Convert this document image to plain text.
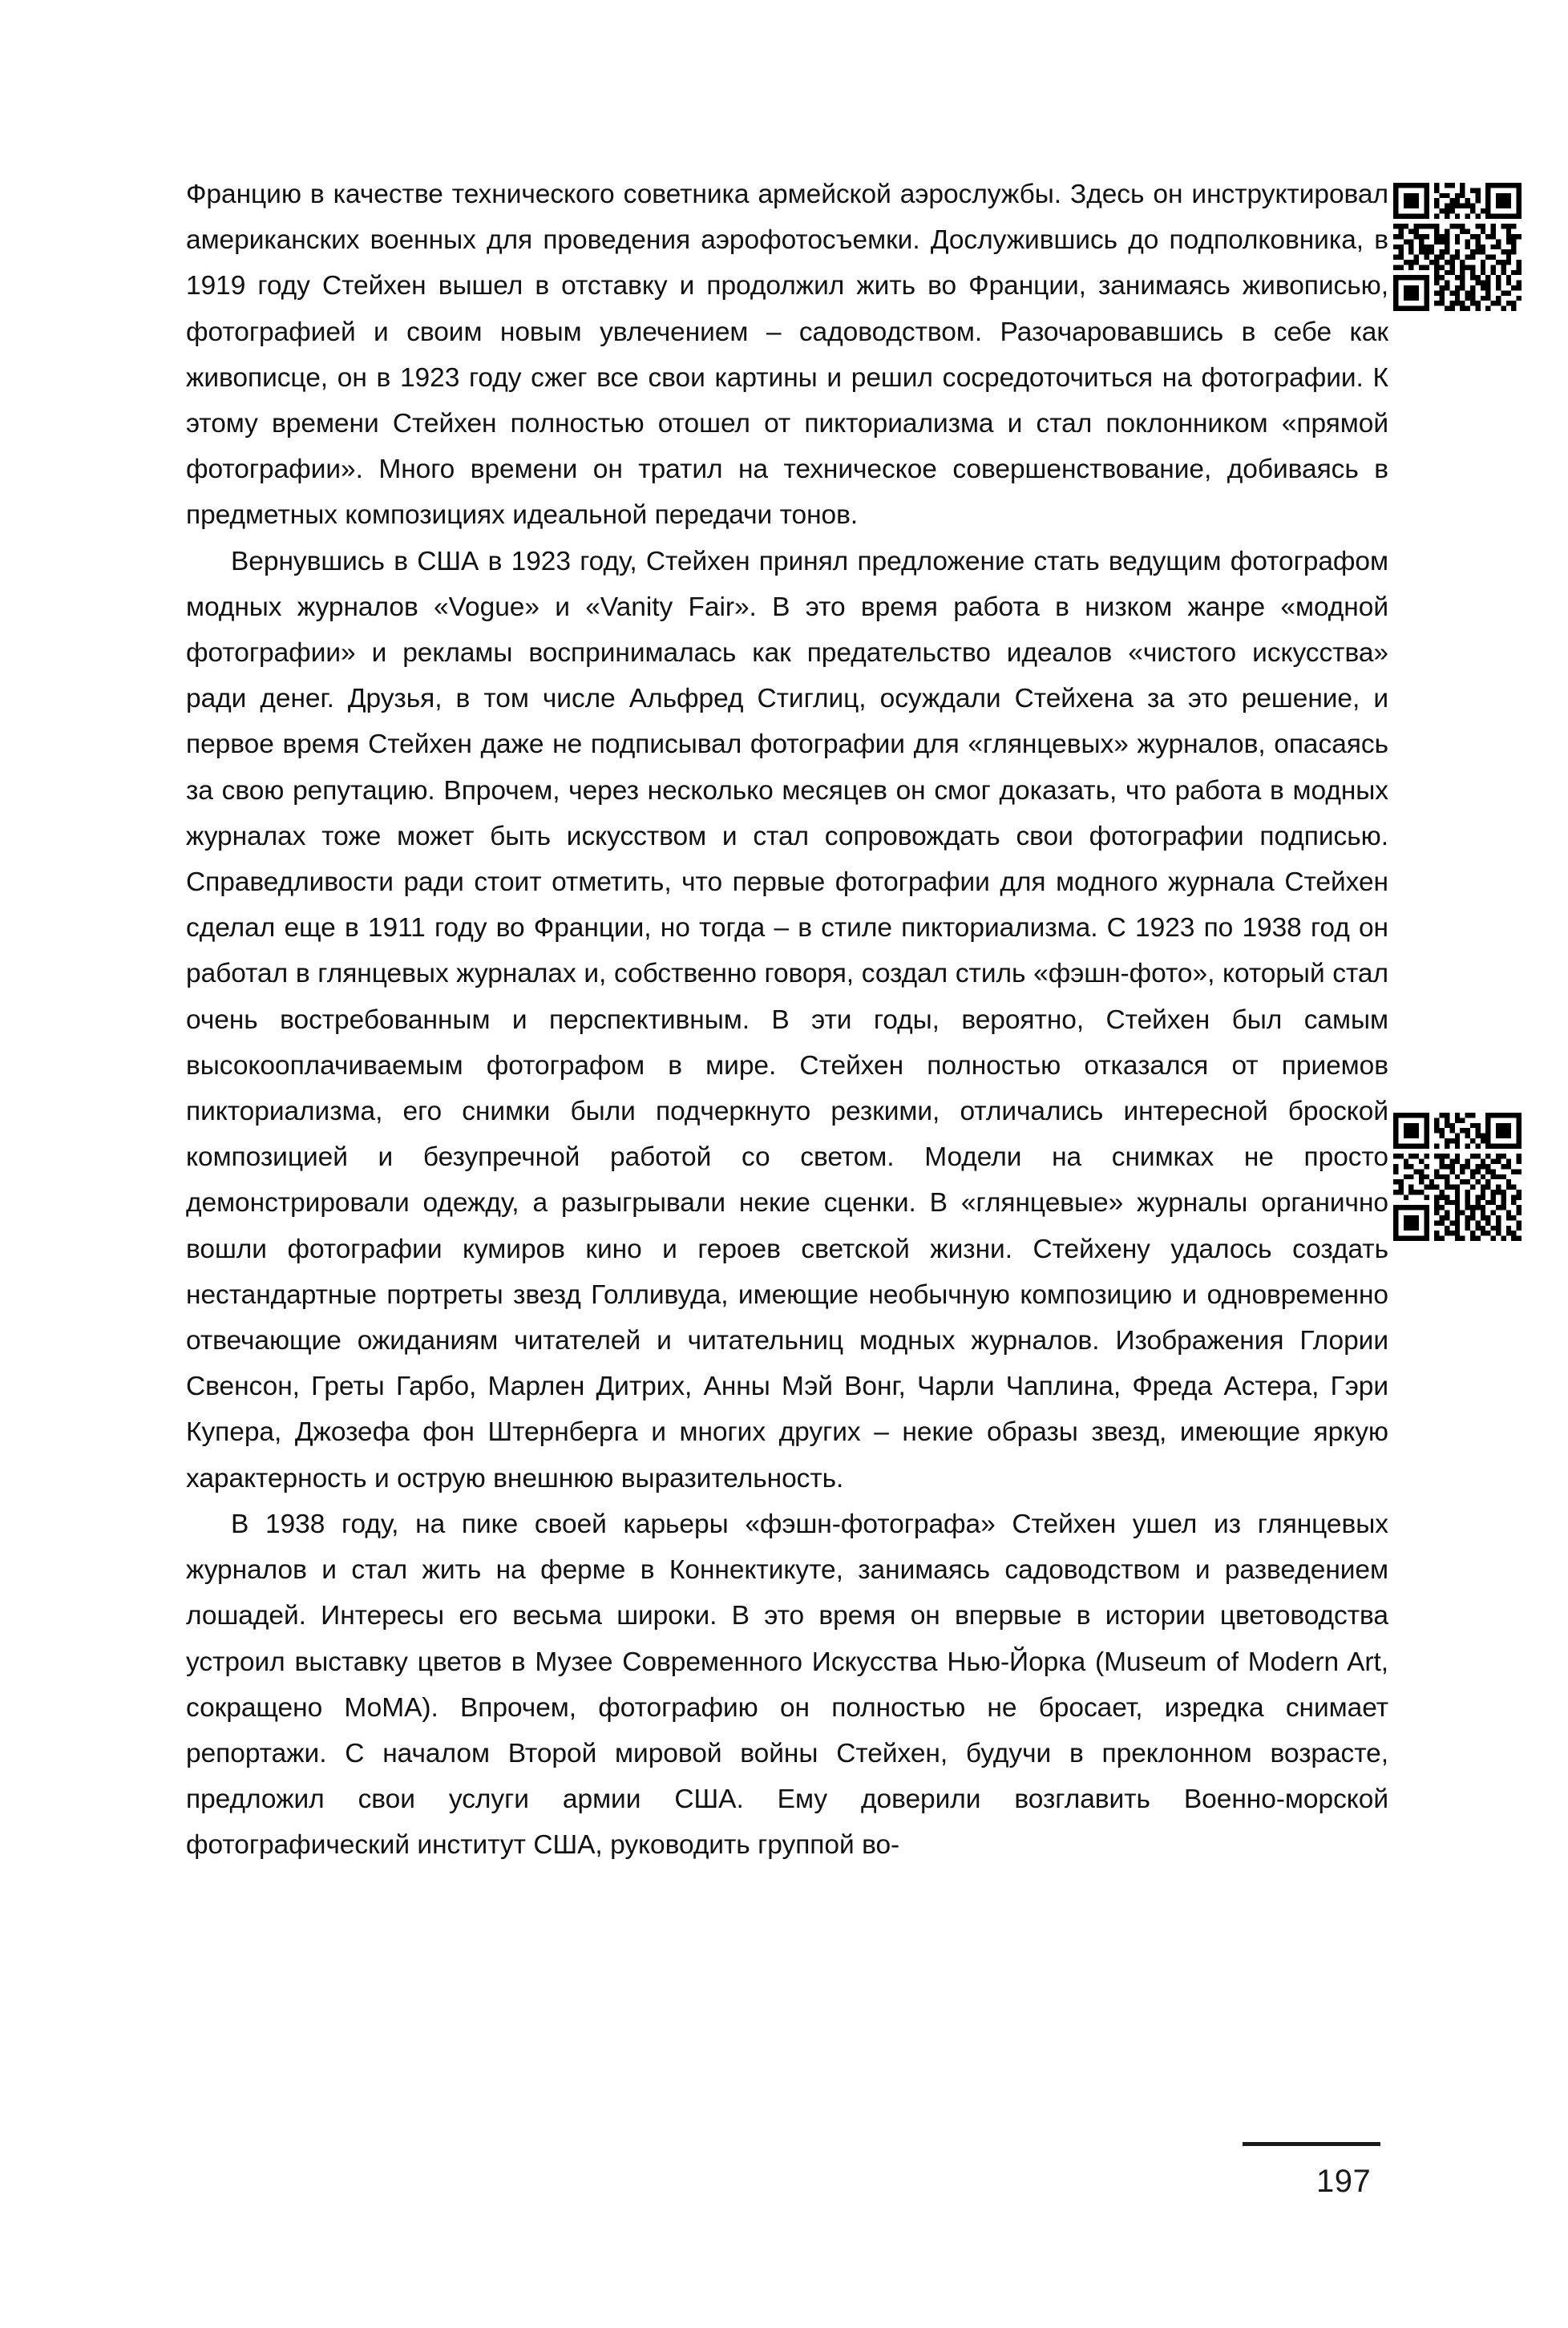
Францию в качестве технического советника армейской аэрослужбы. Здесь он инструктировал американских военных для проведения аэрофотосъемки. Дослужившись до подполковника, в 1919 году Стейхен вышел в отставку и продолжил жить во Франции, занимаясь живописью, фотографией и своим новым увлечением – садоводством. Разочаровавшись в себе как живописце, он в 1923 году сжег все свои картины и решил сосредоточиться на фотографии. К этому времени Стейхен полностью отошел от пикториализма и стал поклонником «прямой фотографии». Много времени он тратил на техническое совершенствование, добиваясь в предметных композициях идеальной передачи тонов.

Вернувшись в США в 1923 году, Стейхен принял предложение стать ведущим фотографом модных журналов «Vogue» и «Vanity Fair». В это время работа в низком жанре «модной фотографии» и рекламы воспринималась как предательство идеалов «чистого искусства» ради денег. Друзья, в том числе Альфред Стиглиц, осуждали Стейхена за это решение, и первое время Стейхен даже не подписывал фотографии для «глянцевых» журналов, опасаясь за свою репутацию. Впрочем, через несколько месяцев он смог доказать, что работа в модных журналах тоже может быть искусством и стал сопровождать свои фотографии подписью. Справедливости ради стоит отметить, что первые фотографии для модного журнала Стейхен сделал еще в 1911 году во Франции, но тогда – в стиле пикториализма. С 1923 по 1938 год он работал в глянцевых журналах и, собственно говоря, создал стиль «фэшн-фото», который стал очень востребованным и перспективным. В эти годы, вероятно, Стейхен был самым высокооплачиваемым фотографом в мире. Стейхен полностью отказался от приемов пикториализма, его снимки были подчеркнуто резкими, отличались интересной броской композицией и безупречной работой со светом. Модели на снимках не просто демонстрировали одежду, а разыгрывали некие сценки. В «глянцевые» журналы органично вошли фотографии кумиров кино и героев светской жизни. Стейхену удалось создать нестандартные портреты звезд Голливуда, имеющие необычную композицию и одновременно отвечающие ожиданиям читателей и читательниц модных журналов. Изображения Глории Свенсон, Греты Гарбо, Марлен Дитрих, Анны Мэй Вонг, Чарли Чаплина, Фреда Астера, Гэри Купера, Джозефа фон Штернберга и многих других – некие образы звезд, имеющие яркую характерность и острую внешнюю выразительность.

В 1938 году, на пике своей карьеры «фэшн-фотографа» Стейхен ушел из глянцевых журналов и стал жить на ферме в Коннектикуте, занимаясь садоводством и разведением лошадей. Интересы его весьма широки. В это время он впервые в истории цветоводства устроил выставку цветов в Музее Современного Искусства Нью-Йорка (Museum of Modern Art, сокращено МоМА). Впрочем, фотографию он полностью не бросает, изредка снимает репортажи. С началом Второй мировой войны Стейхен, будучи в преклонном возрасте, предложил свои услуги армии США. Ему доверили возглавить Военно-морской фотографический институт США, руководить группой во-

197
